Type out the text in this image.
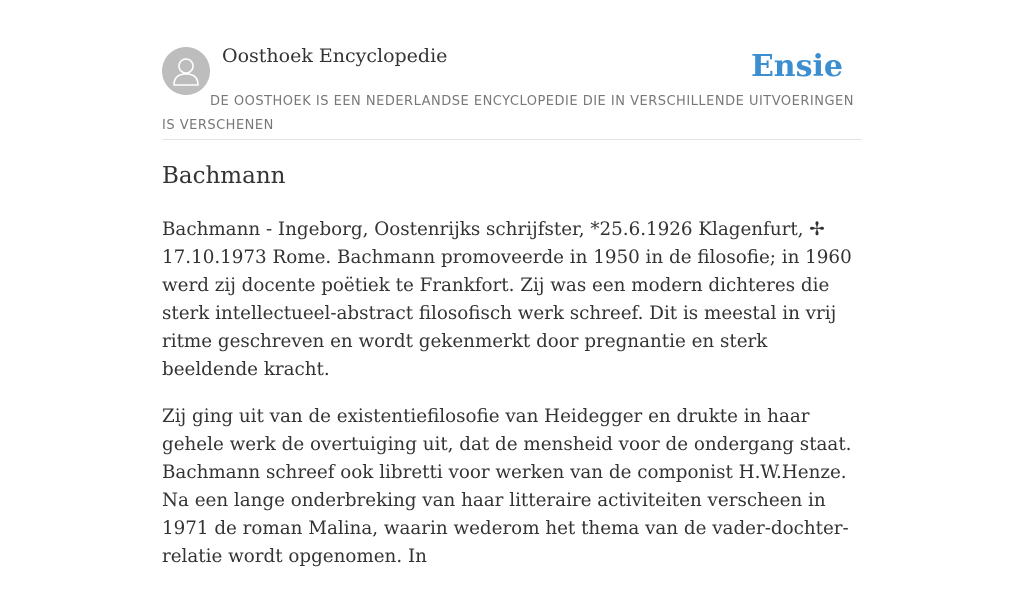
Oosthoek Encyclopedie	Ensie
DE OOSTHOEK IS EEN NEDERLANDSE ENCYCLOPEDIE DIE IN VERSCHILLENDE UITVOERINGEN IS VERSCHENEN
Bachmann

Bachmann - Ingeborg, Oostenrijks schrijfster, *25.6.1926 Klagenfurt, ✢ 17.10.1973 Rome. Bachmann promoveerde in 1950 in de filosofie; in 1960 werd zij docente poëtiek te Frankfort. Zij was een modern dichteres die sterk intellectueel-abstract filosofisch werk schreef. Dit is meestal in vrij ritme geschreven en wordt gekenmerkt door pregnantie en sterk beeldende kracht.

Zij ging uit van de existentiefilosofie van Heidegger en drukte in haar gehele werk de overtuiging uit, dat de mensheid voor de ondergang staat. Bachmann schreef ook libretti voor werken van de componist H.W.Henze. Na een lange onderbreking van haar litteraire activiteiten verscheen in 1971 de roman Malina, waarin wederom het thema van de vader-dochter-relatie wordt opgenomen. In
